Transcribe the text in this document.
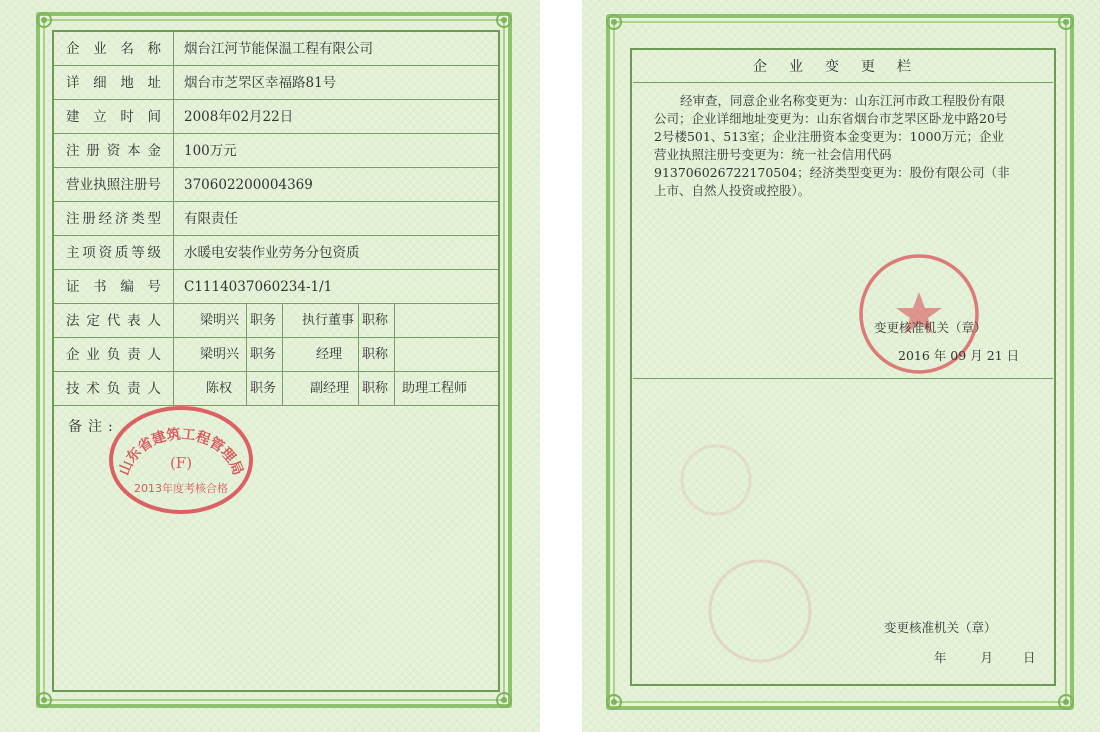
企业名称	烟台江河节能保温工程有限公司
详细地址	烟台市芝罘区幸福路81号
建立时间	2008年02月22日
注册资本金	100万元
营业执照注册号	370602200004369
注册经济类型	有限责任
主项资质等级	水暖电安装作业劳务分包资质
证书编号	C1114037060234-1/1
法定代表人	梁明兴 职务 执行董事 职称
企业负责人	梁明兴 职务	经理 职称
技术负责人	陈权 职务	副经理 职称 助理工程师
备注:
山东省建筑工程管理局
(F)
2013年度考核合格
企业变更栏
经审查，同意企业名称变更为：山东江河市政工程股份有限公司；企业详细地址变更为：山东省烟台市芝罘区卧龙中路20号2号楼501、513室；企业注册资本金变更为：1000万元；企业营业执照注册号变更为：统一社会信用代码913706026722170504；经济类型变更为：股份有限公司（非上市、自然人投资或控股）。
变更核准机关（章）
2016 年 09 月 21 日
变更核准机关（章）
年	月 日
